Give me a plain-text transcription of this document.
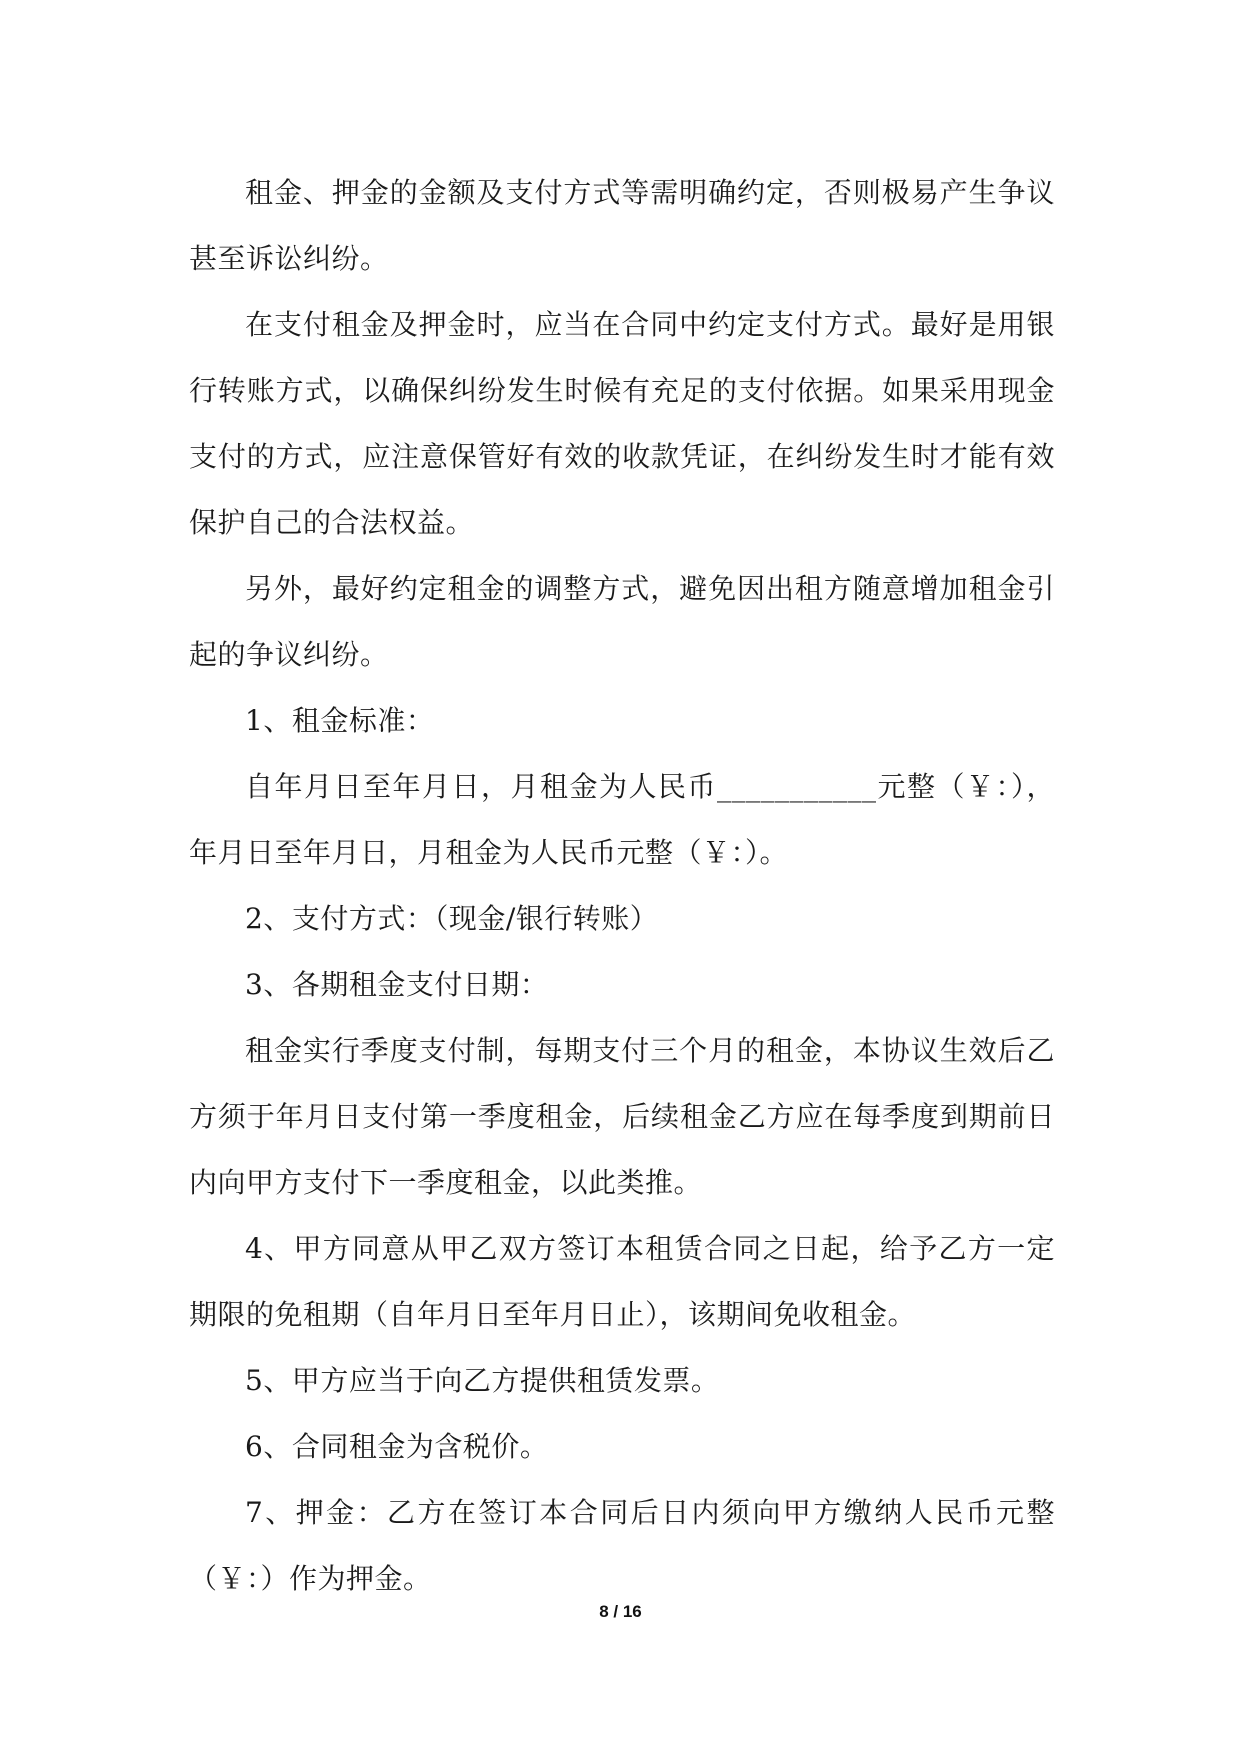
租金、押金的金额及支付方式等需明确约定，否则极易产生争议甚至诉讼纠纷。

在支付租金及押金时，应当在合同中约定支付方式。最好是用银行转账方式，以确保纠纷发生时候有充足的支付依据。如果采用现金支付的方式，应注意保管好有效的收款凭证，在纠纷发生时才能有效保护自己的合法权益。

另外，最好约定租金的调整方式，避免因出租方随意增加租金引起的争议纠纷。

1、租金标准：

自年月日至年月日，月租金为人民币___________元整（￥：），年月日至年月日，月租金为人民币元整（￥：）。

2、支付方式：（现金/银行转账）

3、各期租金支付日期：

租金实行季度支付制，每期支付三个月的租金，本协议生效后乙方须于年月日支付第一季度租金，后续租金乙方应在每季度到期前日内向甲方支付下一季度租金，以此类推。

4、甲方同意从甲乙双方签订本租赁合同之日起，给予乙方一定期限的免租期（自年月日至年月日止），该期间免收租金。

5、甲方应当于向乙方提供租赁发票。

6、合同租金为含税价。

7、押金：乙方在签订本合同后日内须向甲方缴纳人民币元整（￥：）作为押金。

8 / 16
